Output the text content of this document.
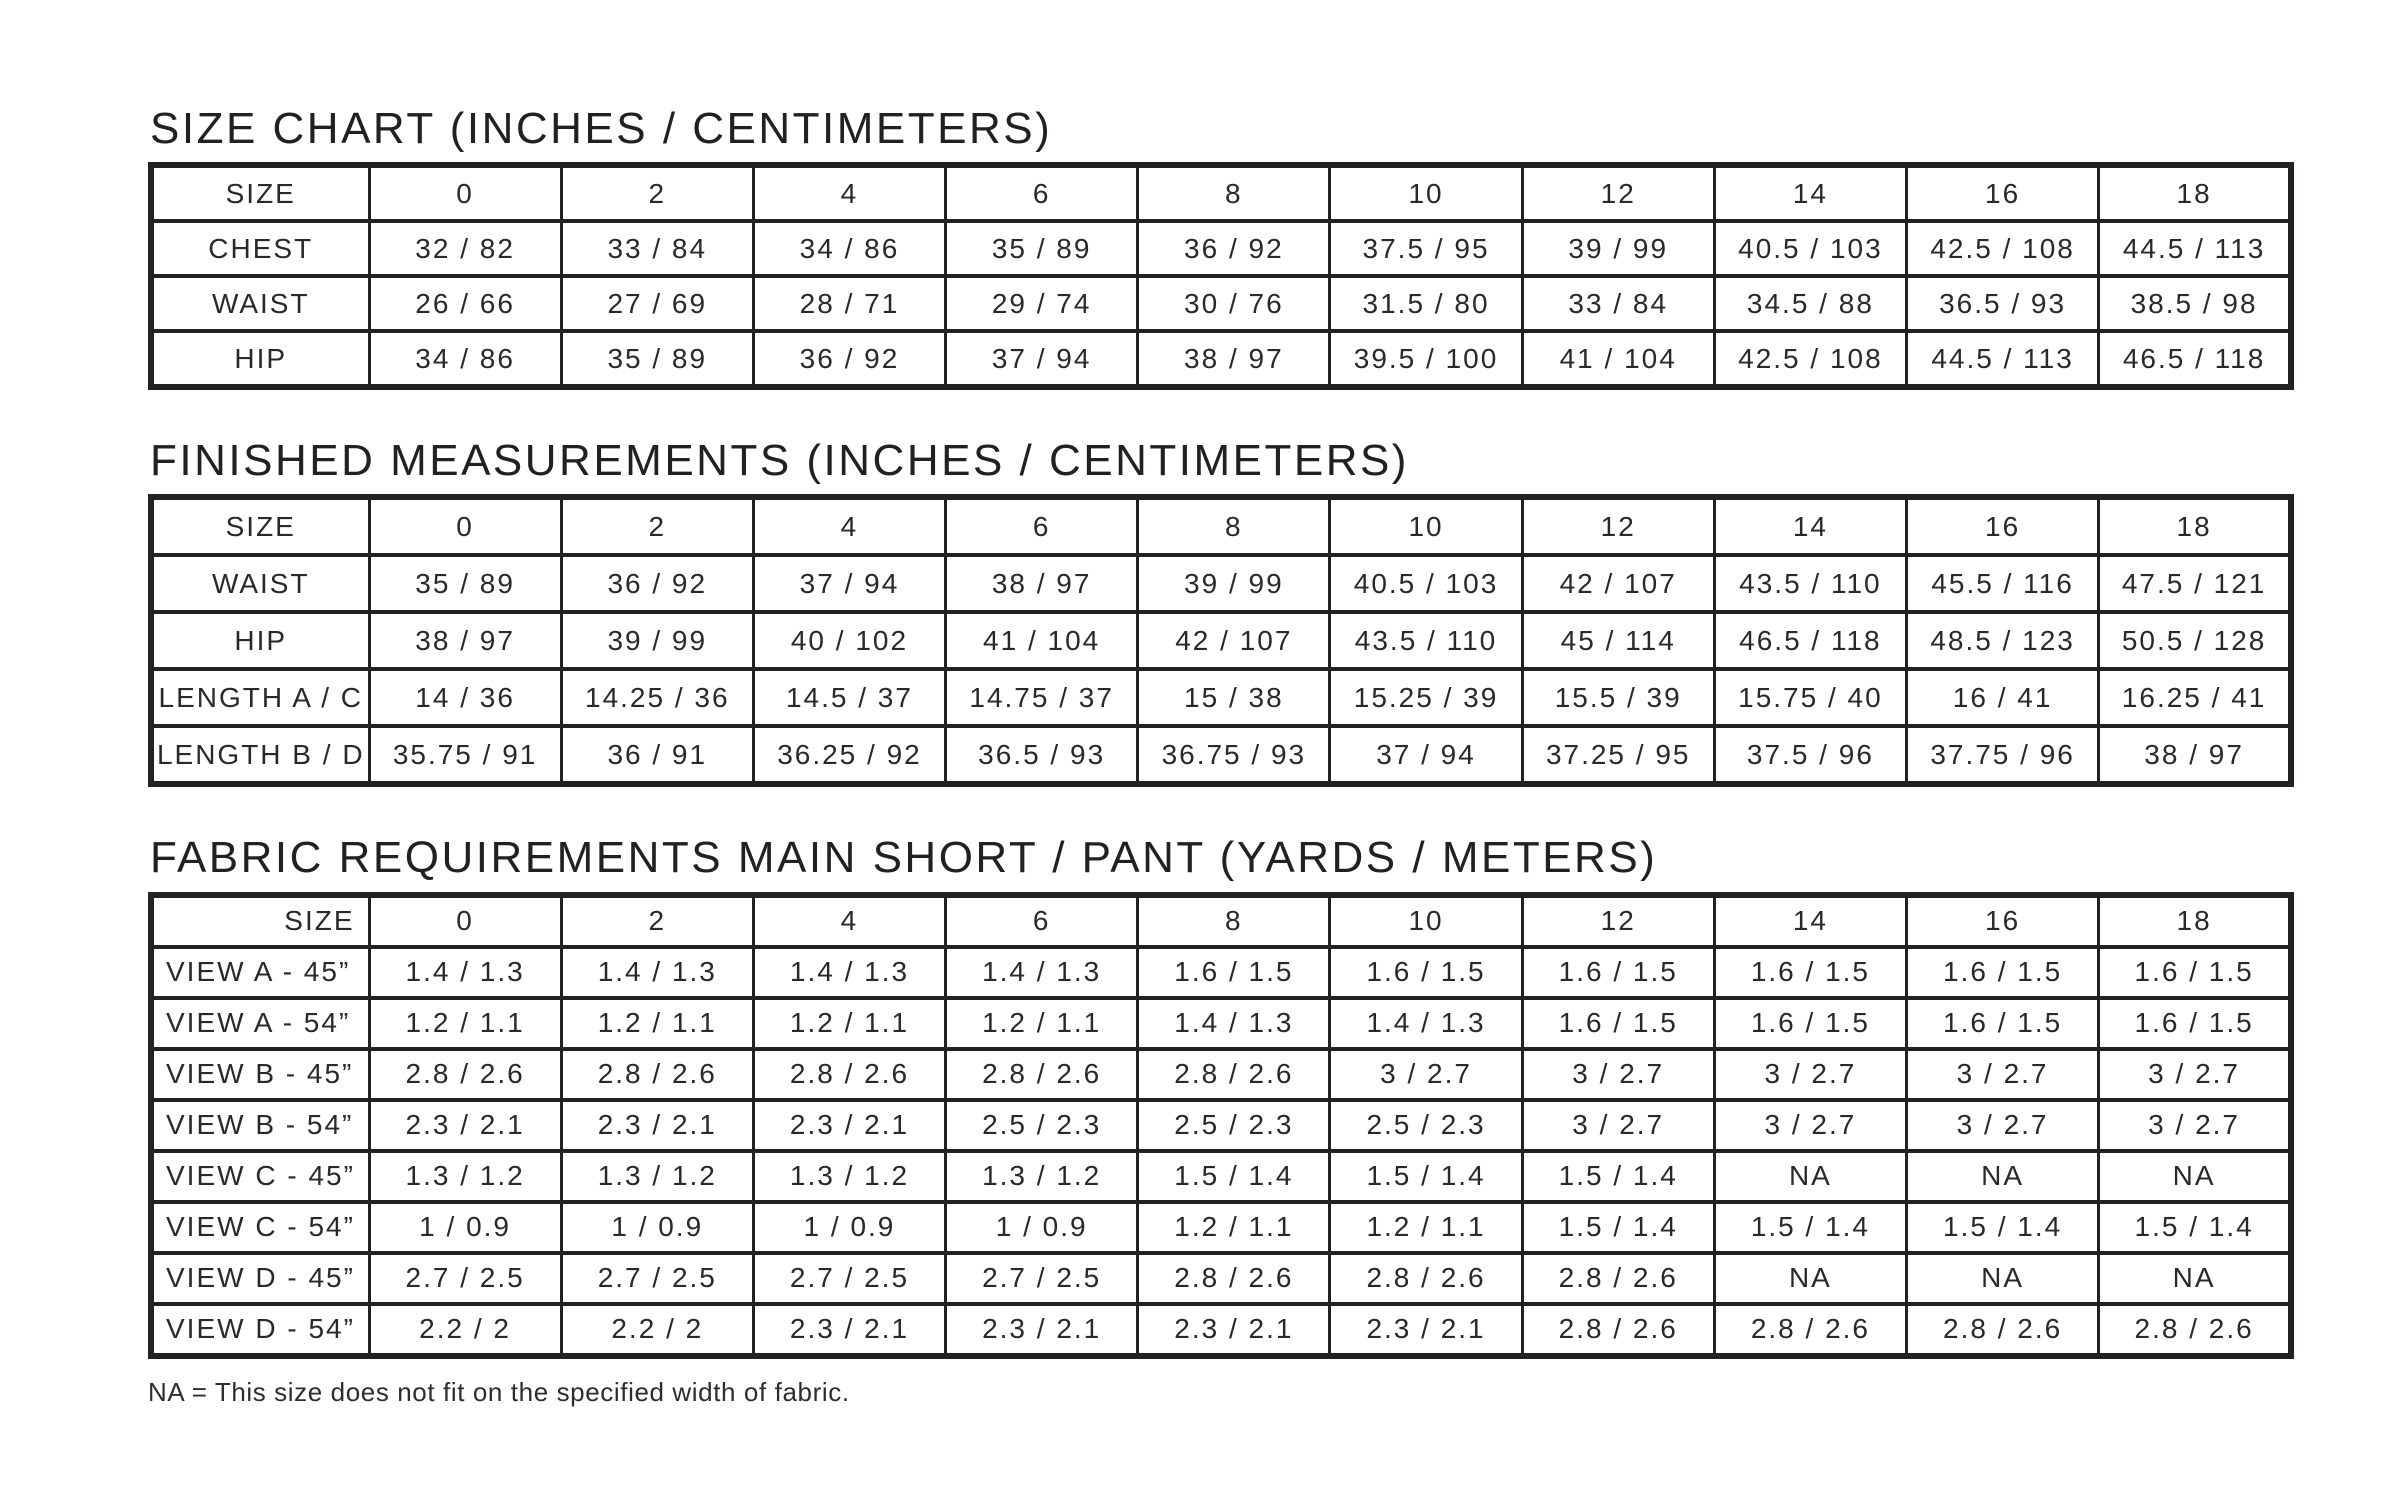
SIZE CHART (INCHES / CENTIMETERS)
SIZE	0	2	4	6	8	10	12	14	16	18
CHEST	32 / 82	33 / 84	34 / 86	35 / 89	36 / 92	37.5 / 95	39 / 99	40.5 / 103	42.5 / 108	44.5 / 113
WAIST	26 / 66	27 / 69	28 / 71	29 / 74	30 / 76	31.5 / 80	33 / 84	34.5 / 88	36.5 / 93	38.5 / 98
HIP	34 / 86	35 / 89	36 / 92	37 / 94	38 / 97	39.5 / 100	41 / 104	42.5 / 108	44.5 / 113	46.5 / 118
FINISHED MEASUREMENTS (INCHES / CENTIMETERS)
SIZE	0	2	4	6	8	10	12	14	16	18
WAIST	35 / 89	36 / 92	37 / 94	38 / 97	39 / 99	40.5 / 103	42 / 107	43.5 / 110	45.5 / 116	47.5 / 121
HIP	38 / 97	39 / 99	40 / 102	41 / 104	42 / 107	43.5 / 110	45 / 114	46.5 / 118	48.5 / 123	50.5 / 128
LENGTH A / C	14 / 36	14.25 / 36	14.5 / 37	14.75 / 37	15 / 38	15.25 / 39	15.5 / 39	15.75 / 40	16 / 41	16.25 / 41
LENGTH B / D	35.75 / 91	36 / 91	36.25 / 92	36.5 / 93	36.75 / 93	37 / 94	37.25 / 95	37.5 / 96	37.75 / 96	38 / 97
FABRIC REQUIREMENTS MAIN SHORT / PANT (YARDS / METERS)
SIZE	0	2	4	6	8	10	12	14	16	18
VIEW A - 45”	1.4 / 1.3	1.4 / 1.3	1.4 / 1.3	1.4 / 1.3	1.6 / 1.5	1.6 / 1.5	1.6 / 1.5	1.6 / 1.5	1.6 / 1.5	1.6 / 1.5
VIEW A - 54”	1.2 / 1.1	1.2 / 1.1	1.2 / 1.1	1.2 / 1.1	1.4 / 1.3	1.4 / 1.3	1.6 / 1.5	1.6 / 1.5	1.6 / 1.5	1.6 / 1.5
VIEW B - 45”	2.8 / 2.6	2.8 / 2.6	2.8 / 2.6	2.8 / 2.6	2.8 / 2.6	3 / 2.7	3 / 2.7	3 / 2.7	3 / 2.7	3 / 2.7
VIEW B - 54”	2.3 / 2.1	2.3 / 2.1	2.3 / 2.1	2.5 / 2.3	2.5 / 2.3	2.5 / 2.3	3 / 2.7	3 / 2.7	3 / 2.7	3 / 2.7
VIEW C - 45”	1.3 / 1.2	1.3 / 1.2	1.3 / 1.2	1.3 / 1.2	1.5 / 1.4	1.5 / 1.4	1.5 / 1.4	NA	NA	NA
VIEW C - 54”	1 / 0.9	1 / 0.9	1 / 0.9	1 / 0.9	1.2 / 1.1	1.2 / 1.1	1.5 / 1.4	1.5 / 1.4	1.5 / 1.4	1.5 / 1.4
VIEW D - 45”	2.7 / 2.5	2.7 / 2.5	2.7 / 2.5	2.7 / 2.5	2.8 / 2.6	2.8 / 2.6	2.8 / 2.6	NA	NA	NA
VIEW D - 54”	2.2 / 2	2.2 / 2	2.3 / 2.1	2.3 / 2.1	2.3 / 2.1	2.3 / 2.1	2.8 / 2.6	2.8 / 2.6	2.8 / 2.6	2.8 / 2.6

NA = This size does not fit on the specified width of fabric.
